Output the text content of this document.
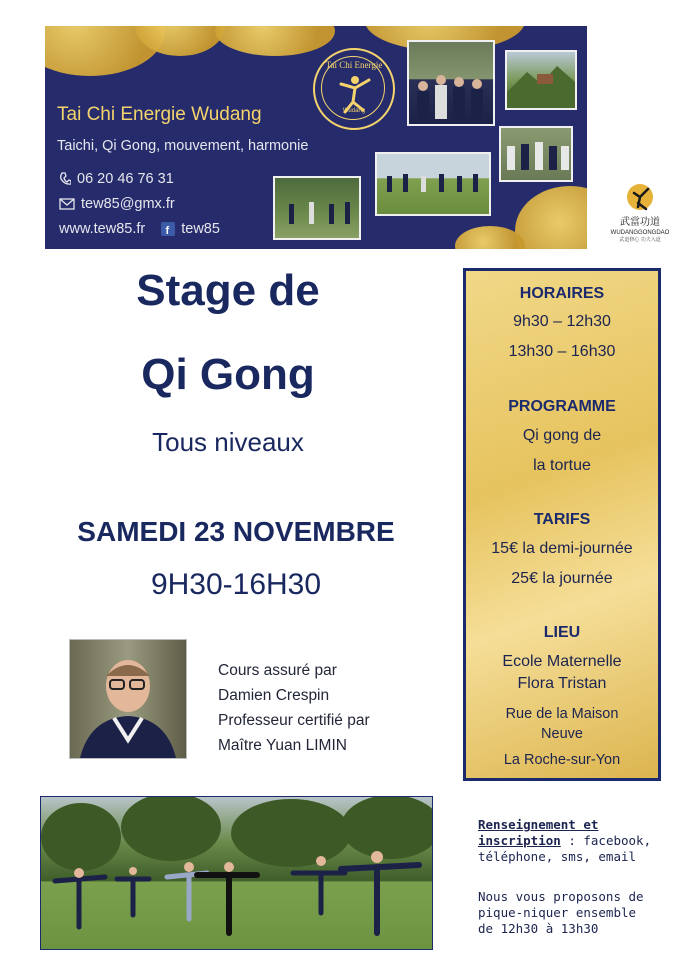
Tai Chi Energie
Wudang
Tai Chi Energie Wudang
Taichi, Qi Gong, mouvement, harmonie
06 20 46 76 31
tew85@gmx.fr
www.tew85.fr f tew85	武當功道
WUDANGGONGDAO
武道修心 功夫入道
Stage de
Qi Gong
Tous niveaux
SAMEDI 23 NOVEMBRE
9H30-16H30
Cours assuré par
Damien Crespin
Professeur certifié par
Maître Yuan LIMIN
HORAIRES
9h30 – 12h30
13h30 – 16h30
PROGRAMME
Qi gong de
la tortue
TARIFS
15€ la demi-journée
25€ la journée
LIEU
Ecole Maternelle
Flora Tristan
Rue de la Maison
Neuve
La Roche-sur-Yon
Renseignement et
inscription : facebook,
téléphone, sms, email
Nous vous proposons de
pique-niquer ensemble
de 12h30 à 13h30
